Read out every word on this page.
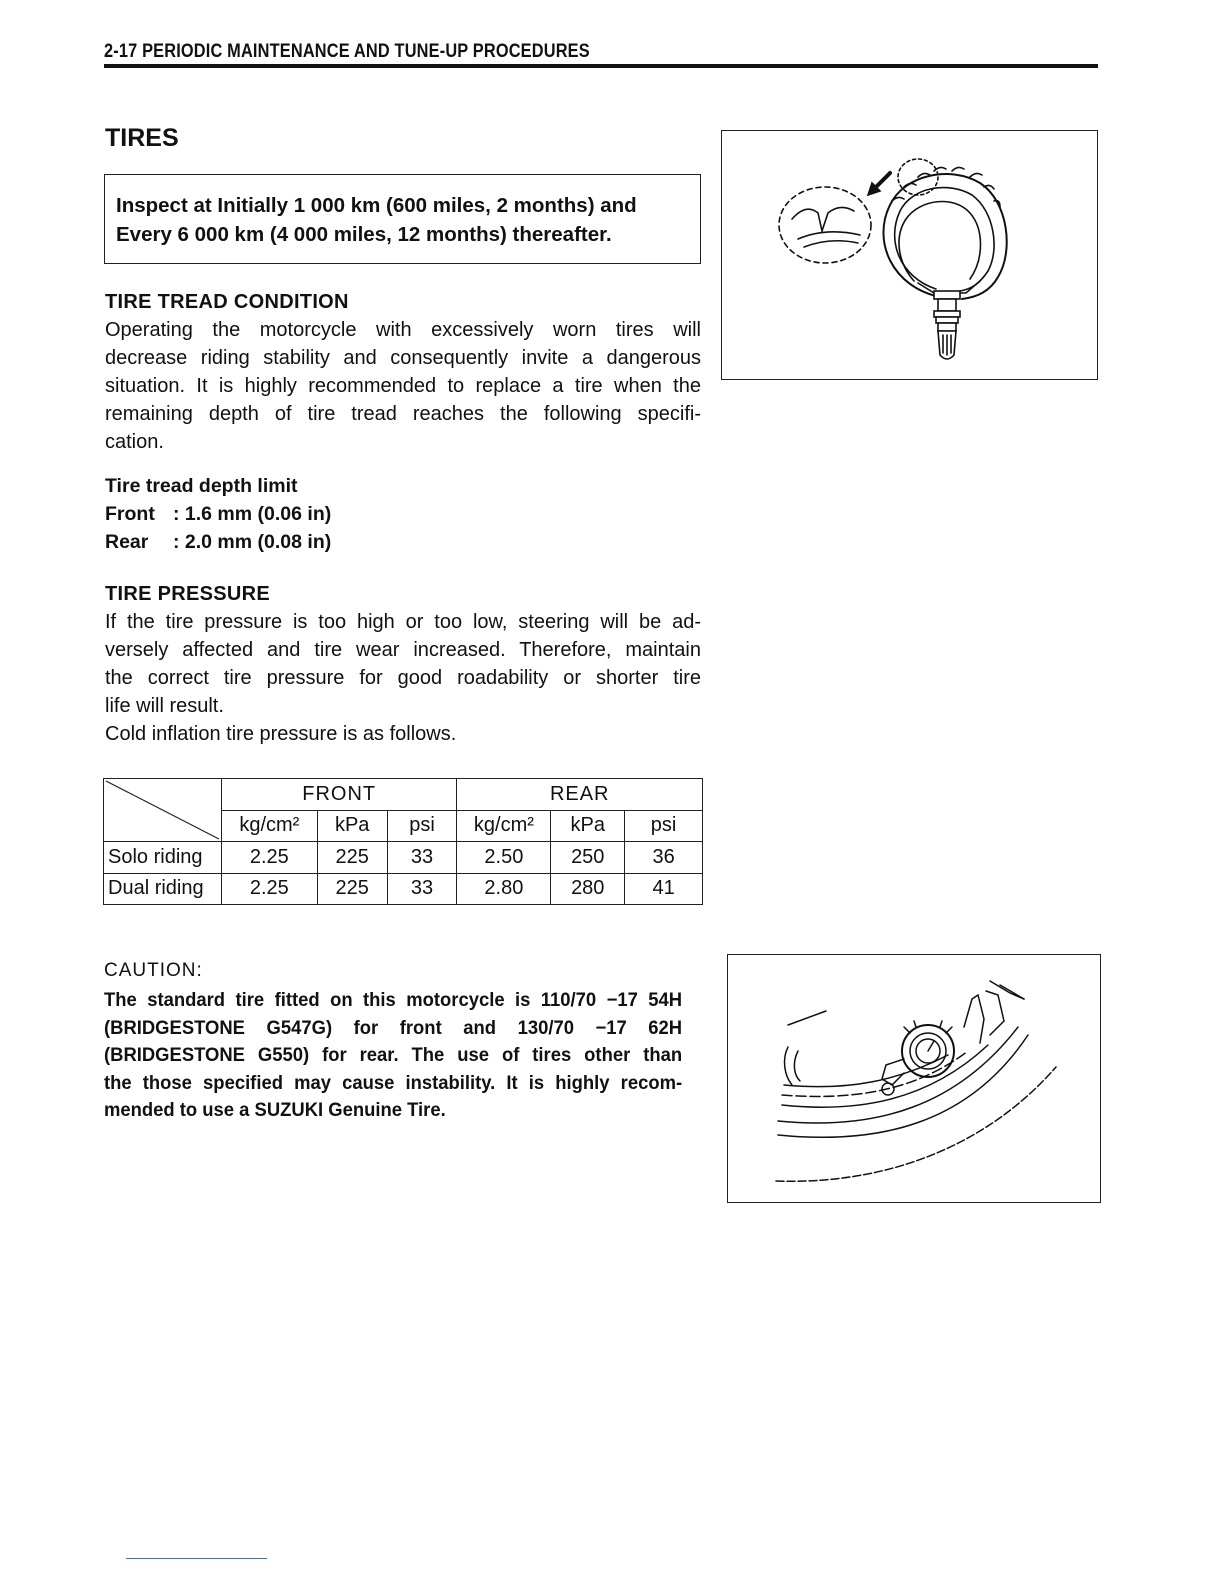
2-17 PERIODIC MAINTENANCE AND TUNE-UP PROCEDURES
TIRES
Inspect at Initially 1 000 km (600 miles, 2 months) and
Every 6 000 km (4 000 miles, 12 months) thereafter.
TIRE TREAD CONDITION
Operating the motorcycle with excessively worn tires will
decrease riding stability and consequently invite a dangerous
situation. It is highly recommended to replace a tire when the
remaining depth of tire tread reaches the following specifi-
cation.
Tire tread depth limit
Front : 1.6 mm (0.06 in)
Rear : 2.0 mm (0.08 in)
TIRE PRESSURE
If the tire pressure is too high or too low, steering will be ad-
versely affected and tire wear increased. Therefore, maintain
the correct tire pressure for good roadability or shorter tire
life will result.
Cold inflation tire pressure is as follows.
	FRONT			REAR		
	kg/cm²	kPa	psi	kg/cm²	kPa	psi
Solo riding	2.25	225	33	2.50	250	36
Dual riding	2.25	225	33	2.80	280	41
CAUTION:
The standard tire fitted on this motorcycle is 110/70 −17 54H
(BRIDGESTONE G547G) for front and 130/70 −17 62H
(BRIDGESTONE G550) for rear. The use of tires other than
the those specified may cause instability. It is highly recom-
mended to use a SUZUKI Genuine Tire.
